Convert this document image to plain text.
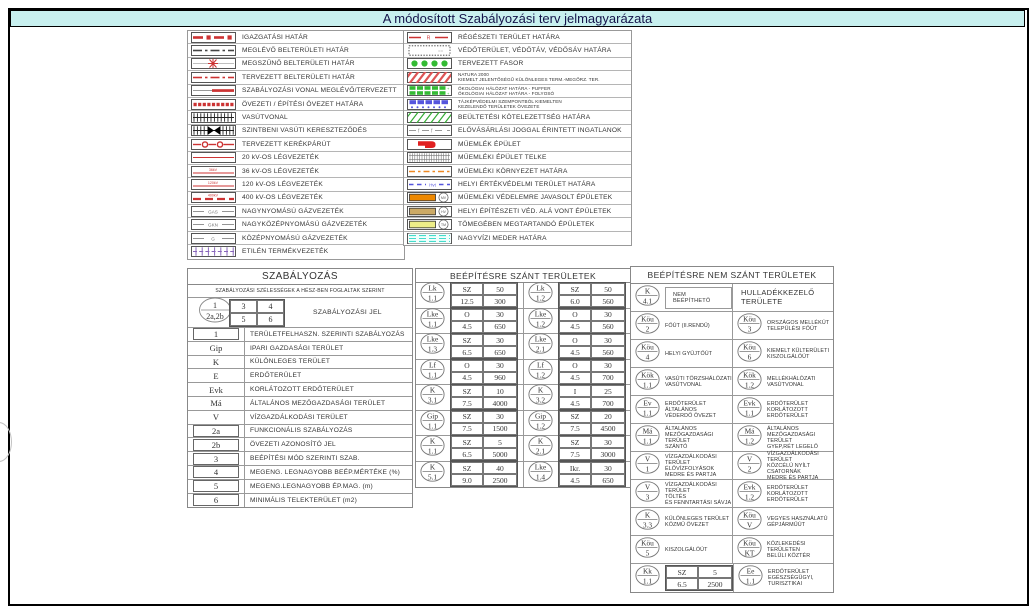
A módosított Szabályozási terv jelmagyarázata
IGAZGATÁSI HATÁR
MEGLÉVŐ BELTERÜLETI HATÁR
MEGSZŰNŐ BELTERÜLETI HATÁR
TERVEZETT BELTERÜLETI HATÁR
SZABÁLYOZÁSI VONAL MEGLÉVŐ/TERVEZETT
ÖVEZETI / ÉPÍTÉSI ÖVEZET HATÁRA
VASÚTVONAL
SZINTBENI VASÚTI KERESZTEZŐDÉS
TERVEZETT KERÉKPÁRÚT
20 kV-OS LÉGVEZETÉK
36kV	36 kV-OS LÉGVEZETÉK
120kV	120 kV-OS LÉGVEZETÉK
400kV	400 kV-OS LÉGVEZETÉK
GAS	NAGYNYOMÁSÚ GÁZVEZETÉK
GKN	NAGYKÖZÉPNYOMÁSÚ GÁZVEZETÉK
G	KÖZÉPNYOMÁSÚ GÁZVEZETÉK
ETILÉN TERMÉKVEZETÉK
R	RÉGÉSZETI TERÜLET HATÁRA
== VÉDŐTERÜLET, VÉDŐTÁV, VÉDŐSÁV HATÁRA
TERVEZETT FASOR
NATURA 2000
KIEMELT JELENTŐSÉGŰ KÜLÖNLEGES TERM.-MEGŐRZ. TER.
+
+
ÖKOLÓGIAI HÁLÓZAT HATÁRA - PUFFER
ÖKOLÓGIAI HÁLÓZAT HATÁRA - FOLYOSÓ
TÁJKÉPVÉDELMI SZEMPONTBÓL KIEMELTEN
KEZELENDŐ TERÜLETEK ÖVEZETE
BEÜLTETÉSI KÖTELEZETTSÉG HATÁRA
f f	ELŐVÁSÁRLÁSI JOGGAL ÉRINTETT INGATLANOK
MŰEMLÉK ÉPÜLET
MŰEMLÉKI ÉPÜLET TELKE
MŰEMLÉKI KÖRNYEZET HATÁRA
Hvt	HELYI ÉRTÉKVÉDELMI TERÜLET HATÁRA
MV MŰEMLÉKI VÉDELEMRE JAVASOLT ÉPÜLETEK
HV HELYI ÉPÍTÉSZETI VÉD. ALÁ VONT ÉPÜLETEK
TM TÖMEGÉBEN MEGTARTANDÓ ÉPÜLETEK
NAGYVÍZI MEDER HATÁRA
SZABÁLYOZÁS
SZABÁLYOZÁSI SZÉLESSÉGEK A HÉSZ-BEN FOGLALTAK SZERINT
1
2a,2b
3	4
5	6
SZABÁLYOZÁSI JEL
1	TERÜLETFELHASZN. SZERINTI SZABÁLYOZÁS
Gip	IPARI GAZDASÁGI TERÜLET
K	KÜLÖNLEGES TERÜLET
E	ERDŐTERÜLET
Evk	KORLÁTOZOTT ERDŐTERÜLET
Má	ÁLTALÁNOS MEZŐGAZDASÁGI TERÜLET
V	VÍZGAZDÁLKODÁSI TERÜLET
2a	FUNKCIONÁLIS SZABÁLYOZÁS
2b	ÖVEZETI AZONOSÍTÓ JEL
3	BEÉPÍTÉSI MÓD SZERINTI SZAB.
4	MEGENG. LEGNAGYOBB BEÉP.MÉRTÉKE (%)
5	MEGENG.LEGNAGYOBB ÉP.MAG. (m)
6	MINIMÁLIS TELEKTERÜLET (m2)
BEÉPÍTÉSRE SZÁNT TERÜLETEK
Lk
1.1
SZ	50
12.5	300
Lk
1.2
SZ	50
6.0	560
Lke
1.1
O	30
4.5	650
Lke
1.2
O	30
4.5	560
Lke
1.3
SZ	30
6.5	650
Lke
2.1
O	30
4.5	560
Lf
1.1
O	30
4.5	960
Lf
1.2
O	30
4.5	700
K
3.1
SZ	10
7.5	4000
K
3.2
I	25
4.5	700
Gip
1.1
SZ	30
7.5	1500
Gip
1.2
SZ	20
7.5	4500
K
1.1
SZ	5
6.5	5000
K
2.1
SZ	30
7.5	3000
K
5.1
SZ	40
9.0	2500
Lke
1.4
Ikr.	30
4.5	650
BEÉPÍTÉSRE NEM SZÁNT TERÜLETEK
K
4.1
NEM BEÉPÍTHETŐ
HULLADÉKKEZELŐ
TERÜLETE
Köu
2	FŐÚT (II.RENDŰ)
Köu
3
ORSZÁGOS MELLÉKÚT
TELEPÜLÉSI FŐÚT
Köu
4	HELYI GYŰJTŐÚT
Köu
6
KIEMELT KÜLTERÜLETI
KISZOLGÁLÓÚT
Kök
1.1
VASÚTI TÖRZSHÁLÓZATI
VASÚTVONAL
Kök
1.2
MELLÉKHÁLÓZATI
VASÚTVONAL
Ev
1.1
ERDŐTERÜLET
ÁLTALÁNOS
VÉDERDŐ ÖVEZET
Evk
1.1
ERDŐTERÜLET
KORLÁTOZOTT
ERDŐTERÜLET
Má
1.1
ÁLTALÁNOS
MEZŐGAZDASÁGI TERÜLET
SZÁNTÓ
Má
1.2
ÁLTALÁNOS
MEZŐGAZDASÁGI TERÜLET
GYEP,RÉT LEGELŐ
V
1
VÍZGAZDÁLKODÁSI TERÜLET
ÉLŐVÍZFOLYÁSOK
MEDRE ÉS PARTJA
V
2
VÍZGAZDÁLKODÁSI TERÜLET
KÖZCÉLÚ NYÍLT CSATORNÁK
MEDRE ÉS PARTJA
V
3
VÍZGAZDÁLKODÁSI TERÜLET
TÖLTÉS
ÉS FENNTARTÁSI SÁVJA
Evk
1.2
ERDŐTERÜLET
KORLÁTOZOTT
ERDŐTERÜLET
K
3.3
KÜLÖNLEGES TERÜLET
KÖZMŰ ÖVEZET
Köu
V
VEGYES HASZNÁLATÚ
GÉPJÁRMŰÚT
Köu
5	KISZOLGÁLÓÚT
Köu
KT
KÖZLEKEDÉSI TERÜLETEN
BELÜLI KÖZTÉR
Kk
1.1
SZ	5
6.5	2500
Ee
1.1
ERDŐTERÜLET
EGÉSZSÉGÜGYI,
TURISZTIKAI
